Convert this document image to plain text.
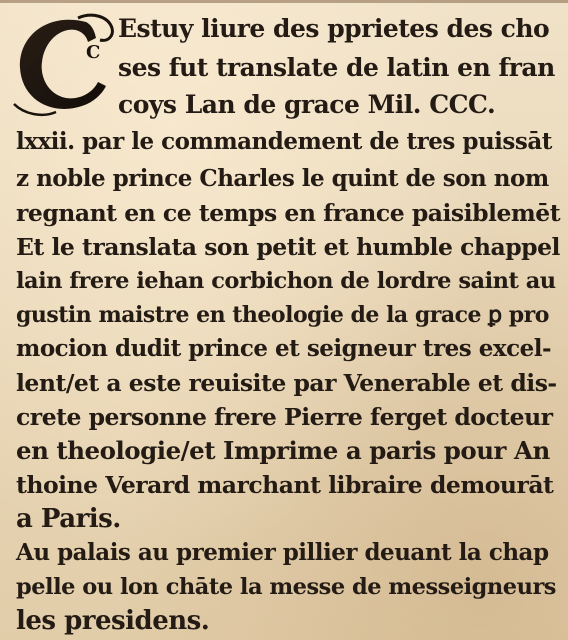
C
Estuy liure des pprietes des cho
ses fut translate de latin en fran
coys Lan de grace Mil. CCC.
lxxii. par le commandement de tres puissāt
z noble prince Charles le quint de son nom
regnant en ce temps en france paisiblemēt
Et le translata son petit et humble chappel
lain frere iehan corbichon de lordre saint au
gustin maistre en theologie de la grace ꝑ pro
mocion dudit prince et seigneur tres excel-
lent/et a este reuisite par Venerable et dis-
crete personne frere Pierre ferget docteur
en theologie/et Imprime a paris pour An
thoine Verard marchant libraire demourāt
a Paris.
Au palais au premier pillier deuant la chap
pelle ou lon chāte la messe de messeigneurs
les presidens.
